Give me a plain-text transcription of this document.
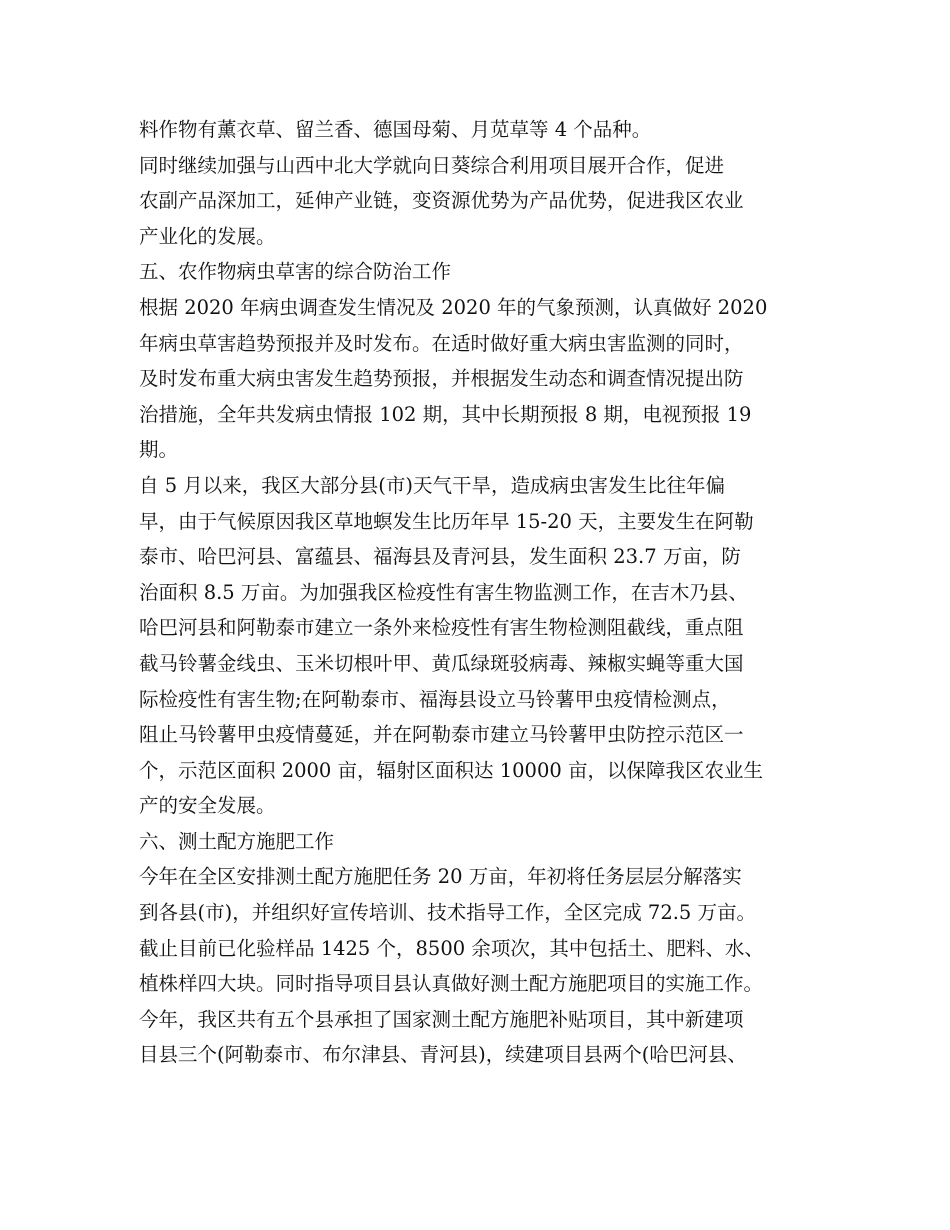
料作物有薰衣草、留兰香、德国母菊、月苋草等 4 个品种。
同时继续加强与山西中北大学就向日葵综合利用项目展开合作，促进
农副产品深加工，延伸产业链，变资源优势为产品优势，促进我区农业
产业化的发展。
五、农作物病虫草害的综合防治工作
根据 2020 年病虫调查发生情况及 2020 年的气象预测，认真做好 2020
年病虫草害趋势预报并及时发布。在适时做好重大病虫害监测的同时，
及时发布重大病虫害发生趋势预报，并根据发生动态和调查情况提出防
治措施，全年共发病虫情报 102 期，其中长期预报 8 期，电视预报 19
期。
自 5 月以来，我区大部分县(市)天气干旱，造成病虫害发生比往年偏
早，由于气候原因我区草地螟发生比历年早 15-20 天，主要发生在阿勒
泰市、哈巴河县、富蕴县、福海县及青河县，发生面积 23.7 万亩，防
治面积 8.5 万亩。为加强我区检疫性有害生物监测工作，在吉木乃县、
哈巴河县和阿勒泰市建立一条外来检疫性有害生物检测阻截线，重点阻
截马铃薯金线虫、玉米切根叶甲、黄瓜绿斑驳病毒、辣椒实蝇等重大国
际检疫性有害生物;在阿勒泰市、福海县设立马铃薯甲虫疫情检测点，
阻止马铃薯甲虫疫情蔓延，并在阿勒泰市建立马铃薯甲虫防控示范区一
个，示范区面积 2000 亩，辐射区面积达 10000 亩，以保障我区农业生
产的安全发展。
六、测土配方施肥工作
今年在全区安排测土配方施肥任务 20 万亩，年初将任务层层分解落实
到各县(市)，并组织好宣传培训、技术指导工作，全区完成 72.5 万亩。
截止目前已化验样品 1425 个，8500 余项次，其中包括土、肥料、水、
植株样四大块。同时指导项目县认真做好测土配方施肥项目的实施工作。
今年，我区共有五个县承担了国家测土配方施肥补贴项目，其中新建项
目县三个(阿勒泰市、布尔津县、青河县)，续建项目县两个(哈巴河县、
